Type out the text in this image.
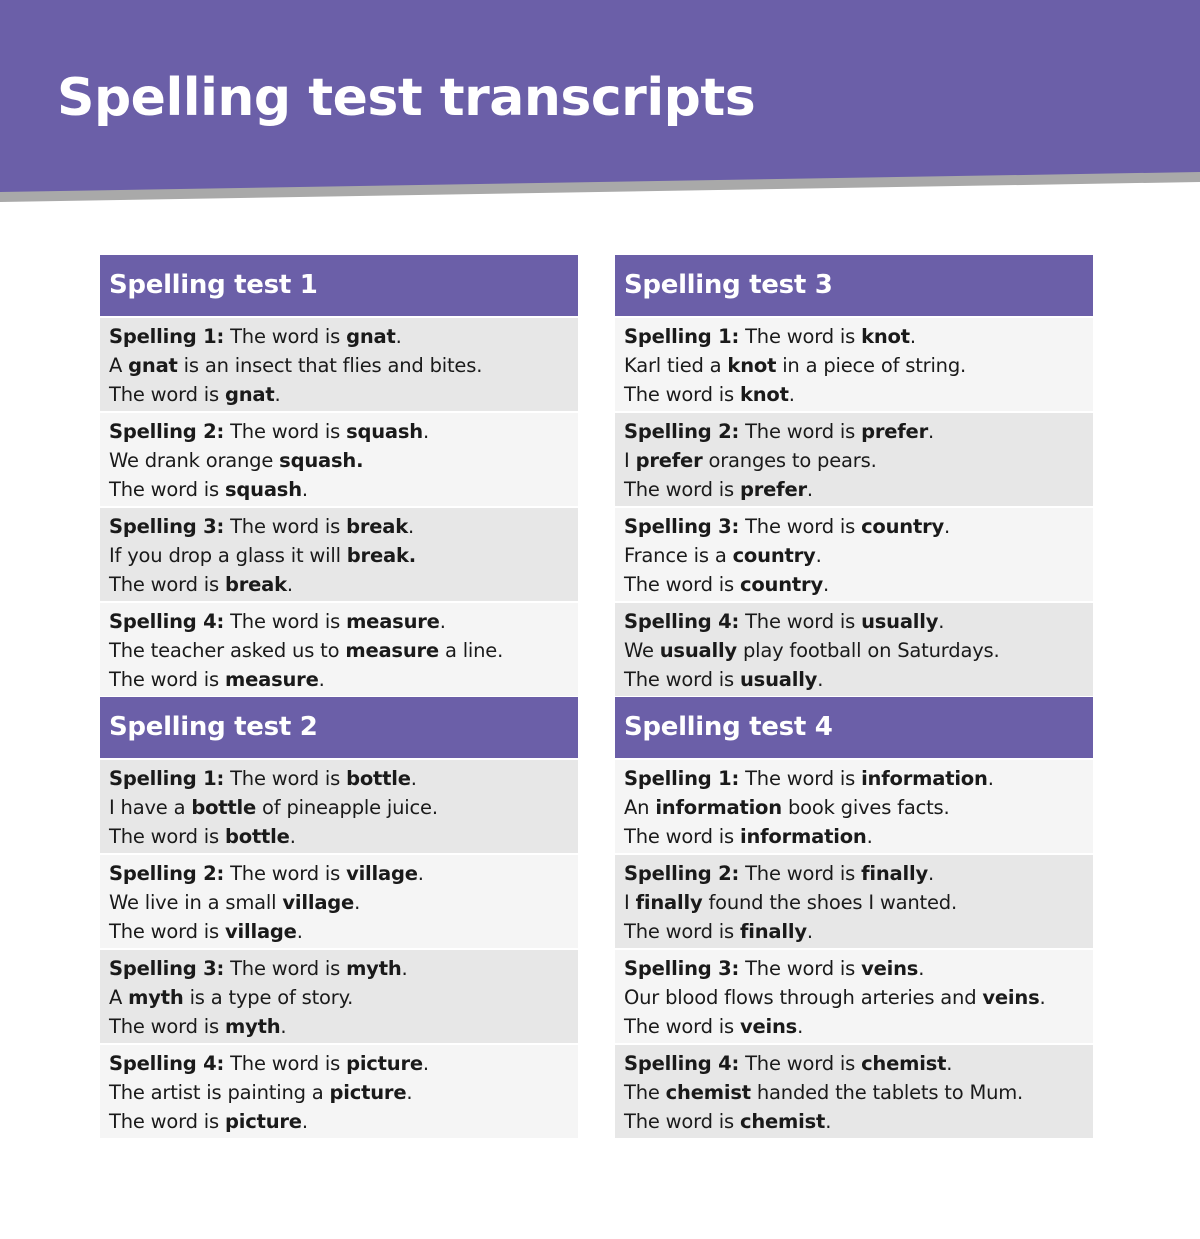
Spelling test transcripts
Spelling test 1
Spelling 1: The word is gnat.
A gnat is an insect that flies and bites.
The word is gnat.
Spelling 2: The word is squash.
We drank orange squash.
The word is squash.
Spelling 3: The word is break.
If you drop a glass it will break.
The word is break.
Spelling 4: The word is measure.
The teacher asked us to measure a line.
The word is measure.
Spelling test 2
Spelling 1: The word is bottle.
I have a bottle of pineapple juice.
The word is bottle.
Spelling 2: The word is village.
We live in a small village.
The word is village.
Spelling 3: The word is myth.
A myth is a type of story.
The word is myth.
Spelling 4: The word is picture.
The artist is painting a picture.
The word is picture.
Spelling test 3
Spelling 1: The word is knot.
Karl tied a knot in a piece of string.
The word is knot.
Spelling 2: The word is prefer.
I prefer oranges to pears.
The word is prefer.
Spelling 3: The word is country.
France is a country.
The word is country.
Spelling 4: The word is usually.
We usually play football on Saturdays.
The word is usually.
Spelling test 4
Spelling 1: The word is information.
An information book gives facts.
The word is information.
Spelling 2: The word is finally.
I finally found the shoes I wanted.
The word is finally.
Spelling 3: The word is veins.
Our blood flows through arteries and veins.
The word is veins.
Spelling 4: The word is chemist.
The chemist handed the tablets to Mum.
The word is chemist.
